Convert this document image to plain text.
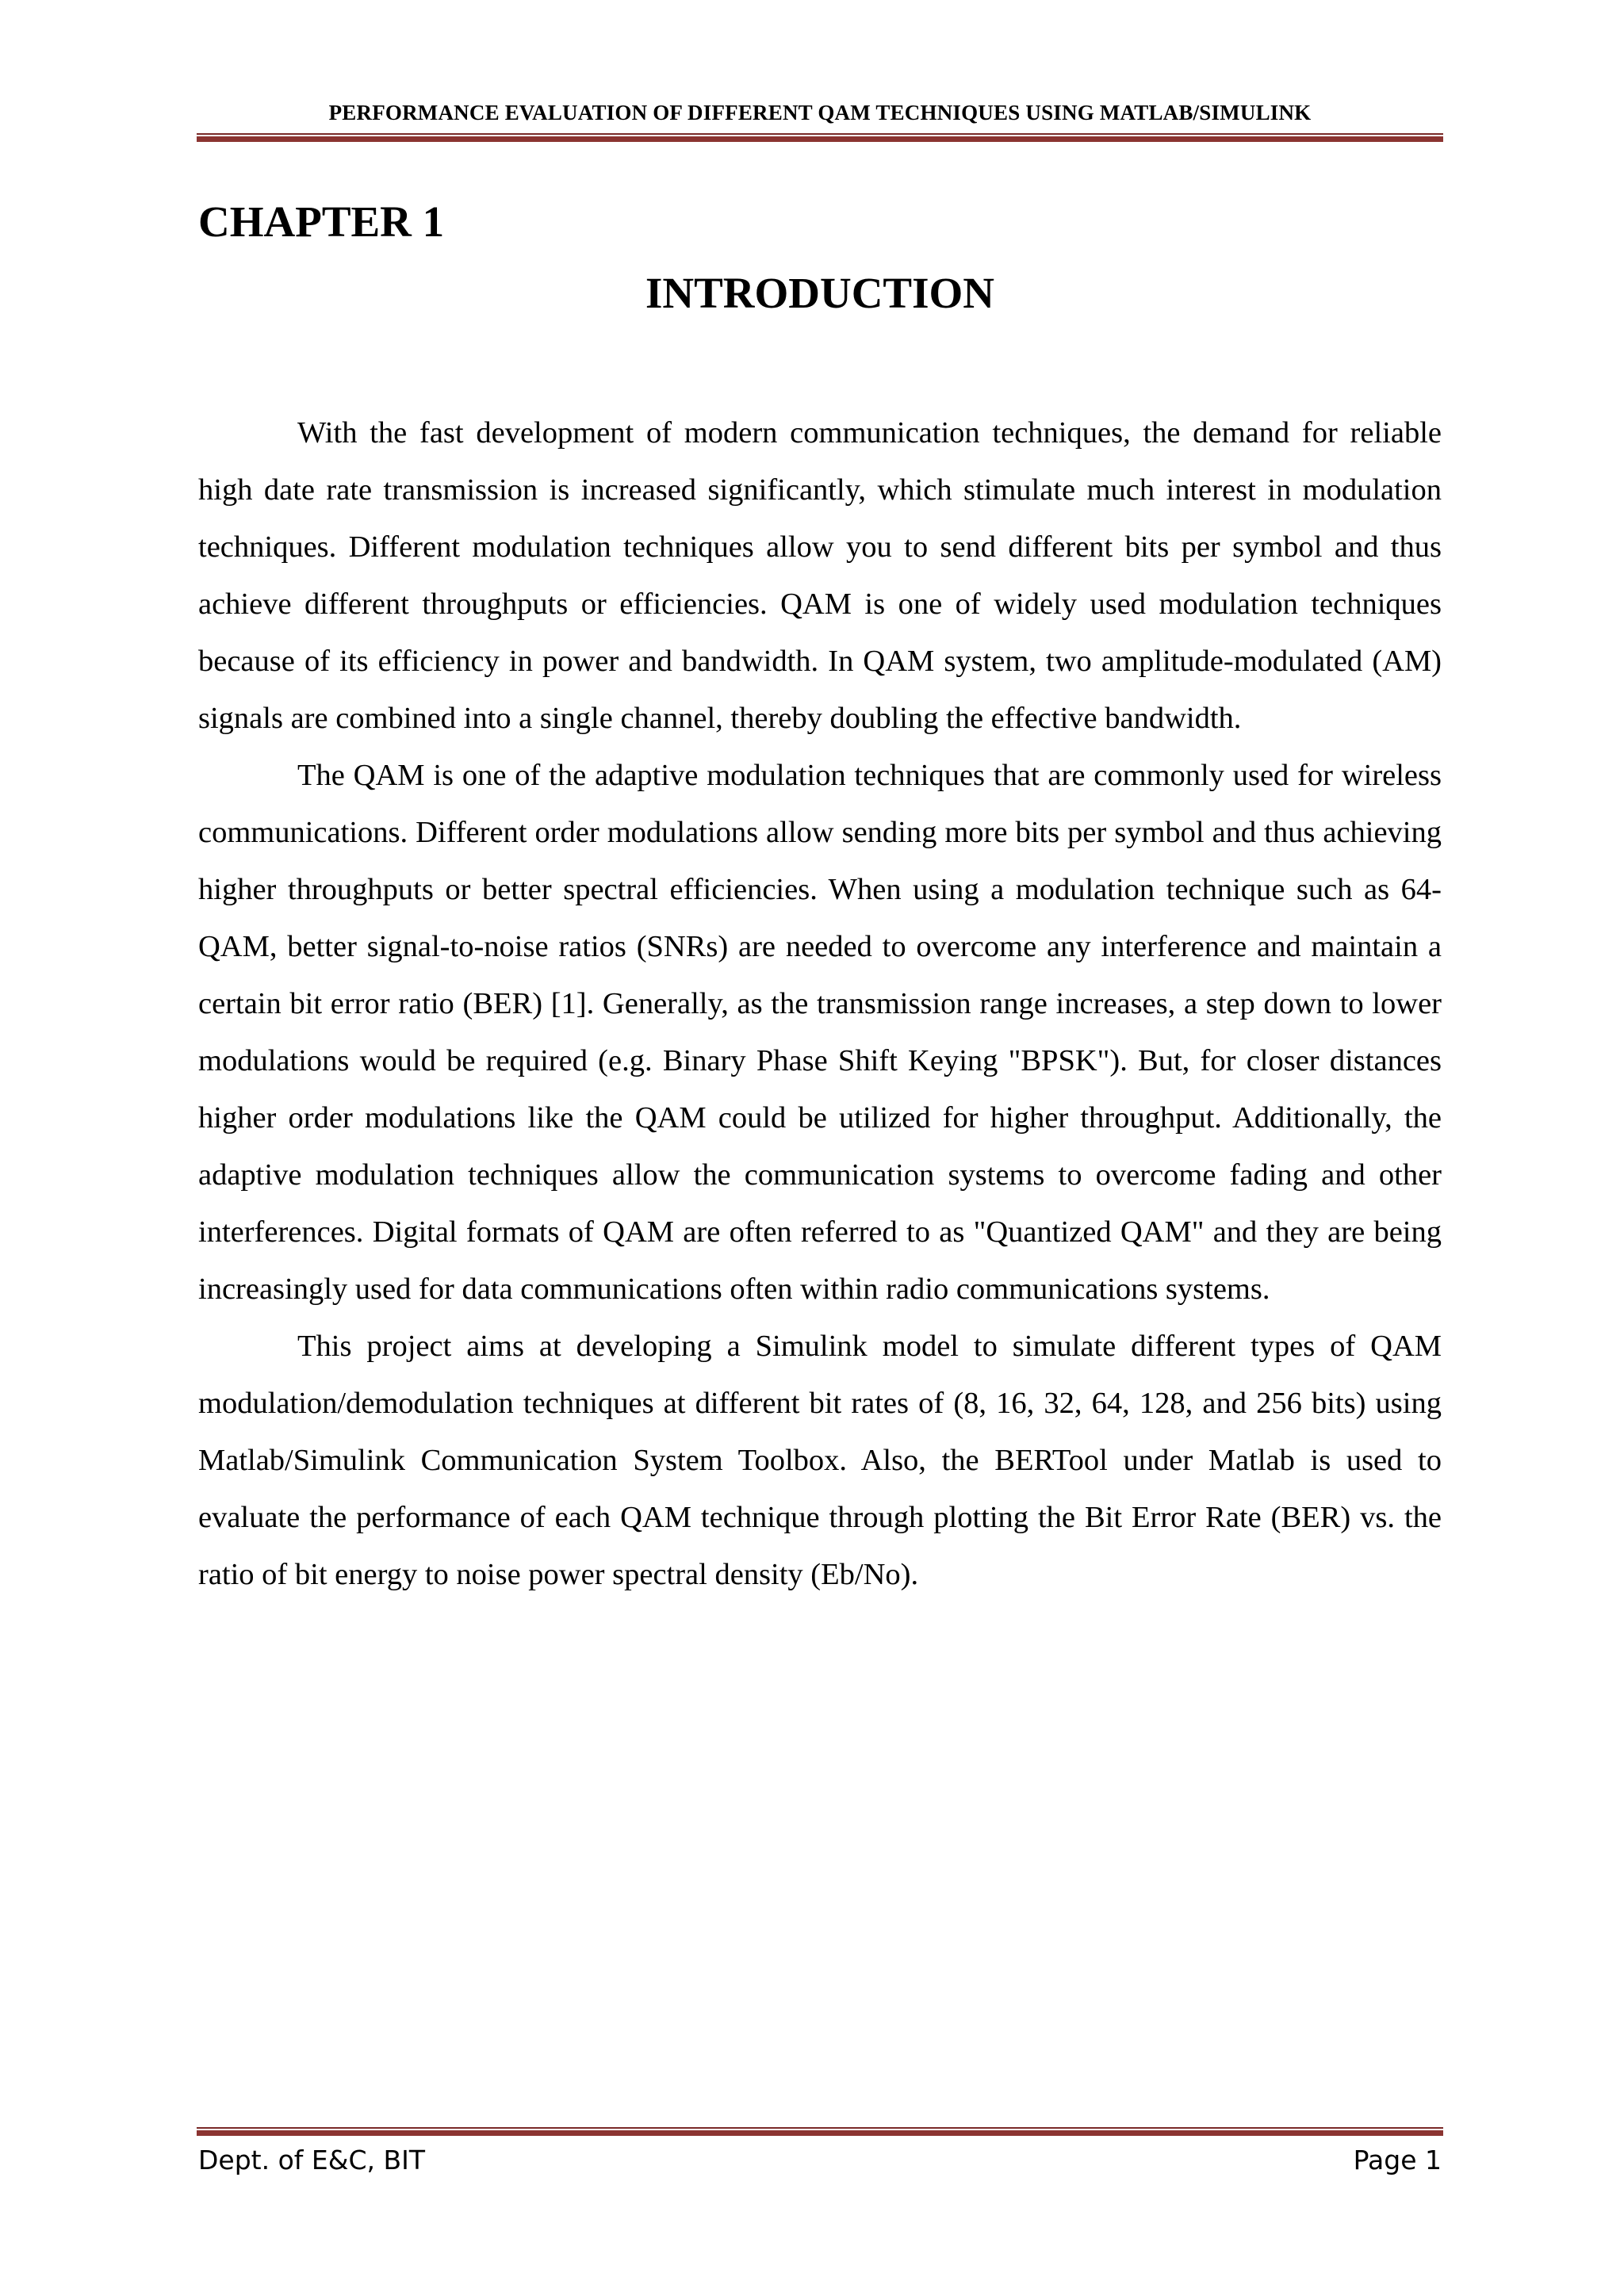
PERFORMANCE EVALUATION OF DIFFERENT QAM TECHNIQUES USING MATLAB/SIMULINK
CHAPTER 1
INTRODUCTION

With the fast development of modern communication techniques, the demand for reliable high date rate transmission is increased significantly, which stimulate much interest in modulation techniques. Different modulation techniques allow you to send different bits per symbol and thus achieve different throughputs or efficiencies. QAM is one of widely used modulation techniques because of its efficiency in power and bandwidth. In QAM system, two amplitude-modulated (AM) signals are combined into a single channel, thereby doubling the effective bandwidth.

The QAM is one of the adaptive modulation techniques that are commonly used for wireless communications. Different order modulations allow sending more bits per symbol and thus achieving higher throughputs or better spectral efficiencies. When using a modulation technique such as 64-QAM, better signal-to-noise ratios (SNRs) are needed to overcome any interference and maintain a certain bit error ratio (BER) [1]. Generally, as the transmission range increases, a step down to lower modulations would be required (e.g. Binary Phase Shift Keying "BPSK"). But, for closer distances higher order modulations like the QAM could be utilized for higher throughput. Additionally, the adaptive modulation techniques allow the communication systems to overcome fading and other interferences. Digital formats of QAM are often referred to as "Quantized QAM" and they are being increasingly used for data communications often within radio communications systems.

This project aims at developing a Simulink model to simulate different types of QAM modulation/demodulation techniques at different bit rates of (8, 16, 32, 64, 128, and 256 bits) using Matlab/Simulink Communication System Toolbox. Also, the BERTool under Matlab is used to evaluate the performance of each QAM technique through plotting the Bit Error Rate (BER) vs. the ratio of bit energy to noise power spectral density (Eb/No).

Dept. of E&C, BIT	Page 1
